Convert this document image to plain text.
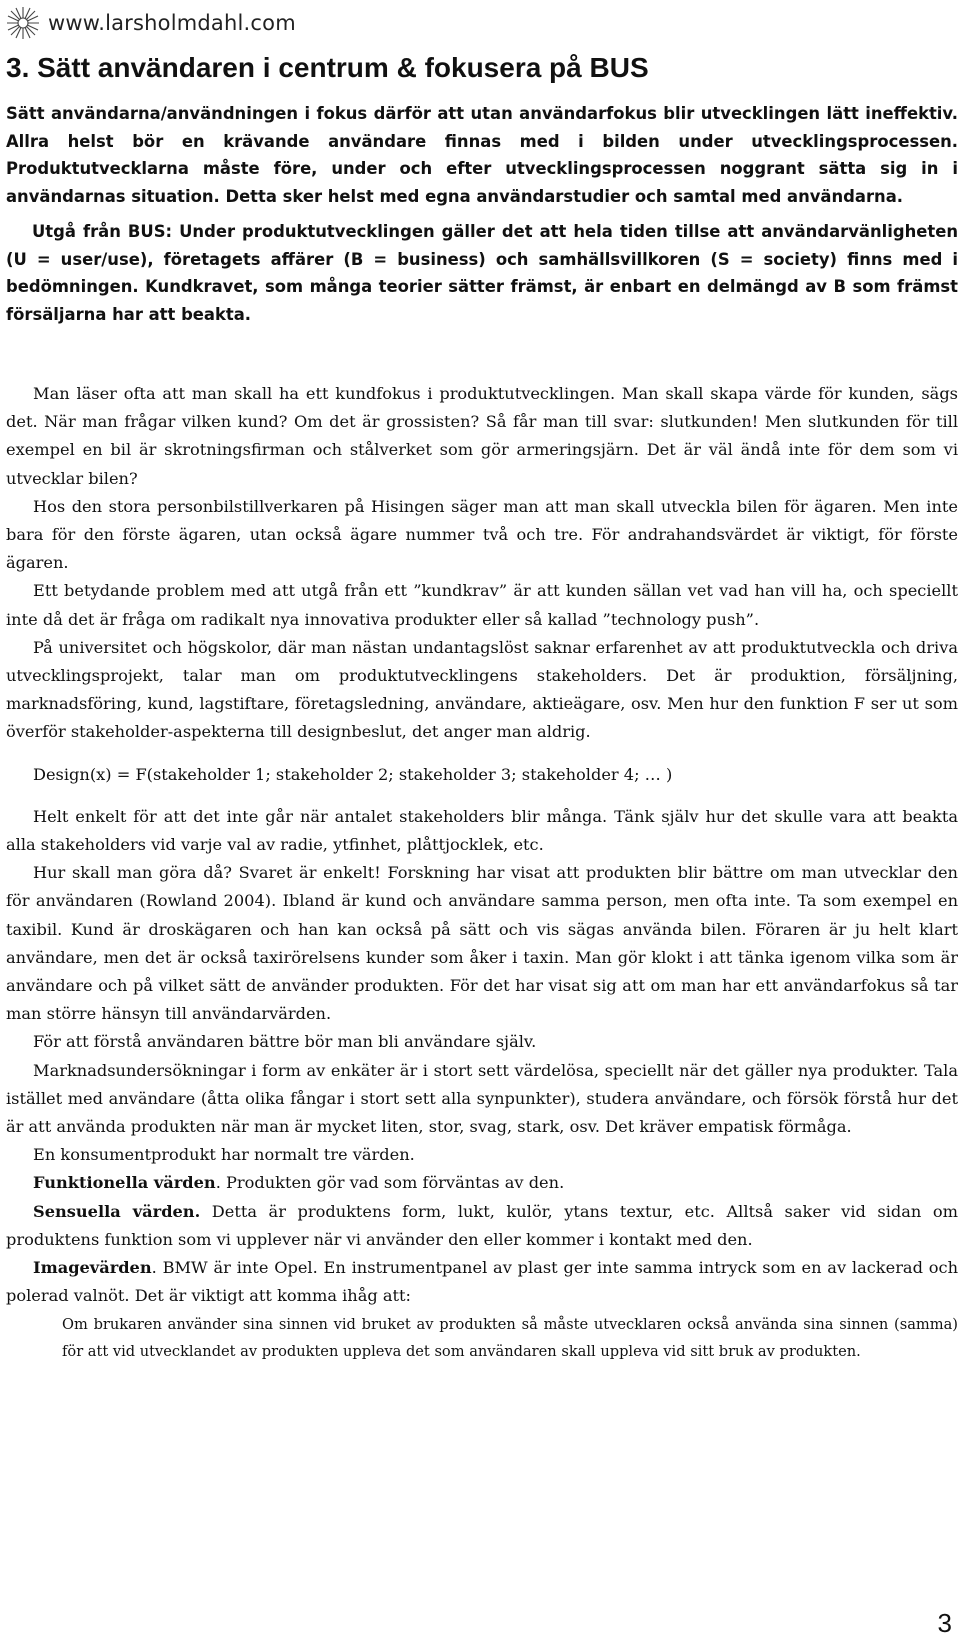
www.larsholmdahl.com
3. Sätt användaren i centrum & fokusera på BUS

Sätt användarna/användningen i fokus därför att utan användarfokus blir utvecklingen lätt ineffektiv. Allra helst bör en krävande användare finnas med i bilden under utvecklingsprocessen. Produktutvecklarna måste före, under och efter utvecklingsprocessen noggrant sätta sig in i användarnas situation. Detta sker helst med egna användarstudier och samtal med användarna.

Utgå från BUS: Under produktutvecklingen gäller det att hela tiden tillse att användarvänligheten (U = user/use), företagets affärer (B = business) och samhällsvillkoren (S = society) finns med i bedömningen. Kundkravet, som många teorier sätter främst, är enbart en delmängd av B som främst försäljarna har att beakta.

Man läser ofta att man skall ha ett kundfokus i produktutvecklingen. Man skall skapa värde för kunden, sägs det. När man frågar vilken kund? Om det är grossisten? Så får man till svar: slutkunden! Men slutkunden för till exempel en bil är skrotningsfirman och stålverket som gör armeringsjärn. Det är väl ändå inte för dem som vi utvecklar bilen?

Hos den stora personbilstillverkaren på Hisingen säger man att man skall utveckla bilen för ägaren. Men inte bara för den förste ägaren, utan också ägare nummer två och tre. För andrahandsvärdet är viktigt, för förste ägaren.

Ett betydande problem med att utgå från ett ”kundkrav” är att kunden sällan vet vad han vill ha, och speciellt inte då det är fråga om radikalt nya innovativa produkter eller så kallad ”technology push”.

På universitet och högskolor, där man nästan undantagslöst saknar erfarenhet av att produktutveckla och driva utvecklingsprojekt, talar man om produktutvecklingens stakeholders. Det är produktion, försäljning, marknadsföring, kund, lagstiftare, företagsledning, användare, aktieägare, osv. Men hur den funktion F ser ut som överför stakeholder-aspekterna till designbeslut, det anger man aldrig.

Design(x) = F(stakeholder 1; stakeholder 2; stakeholder 3; stakeholder 4; … )

Helt enkelt för att det inte går när antalet stakeholders blir många. Tänk själv hur det skulle vara att beakta alla stakeholders vid varje val av radie, ytfinhet, plåttjocklek, etc.

Hur skall man göra då? Svaret är enkelt! Forskning har visat att produkten blir bättre om man utvecklar den för användaren (Rowland 2004). Ibland är kund och användare samma person, men ofta inte. Ta som exempel en taxibil. Kund är droskägaren och han kan också på sätt och vis sägas använda bilen. Föraren är ju helt klart användare, men det är också taxirörelsens kunder som åker i taxin. Man gör klokt i att tänka igenom vilka som är användare och på vilket sätt de använder produkten. För det har visat sig att om man har ett användarfokus så tar man större hänsyn till användarvärden.

För att förstå användaren bättre bör man bli användare själv.

Marknadsundersökningar i form av enkäter är i stort sett värdelösa, speciellt när det gäller nya produkter. Tala istället med användare (åtta olika fångar i stort sett alla synpunkter), studera användare, och försök förstå hur det är att använda produkten när man är mycket liten, stor, svag, stark, osv. Det kräver empatisk förmåga.

En konsumentprodukt har normalt tre värden.

Funktionella värden. Produkten gör vad som förväntas av den.

Sensuella värden. Detta är produktens form, lukt, kulör, ytans textur, etc. Alltså saker vid sidan om produktens funktion som vi upplever när vi använder den eller kommer i kontakt med den.

Imagevärden. BMW är inte Opel. En instrumentpanel av plast ger inte samma intryck som en av lackerad och polerad valnöt. Det är viktigt att komma ihåg att:

Om brukaren använder sina sinnen vid bruket av produkten så måste utvecklaren också använda sina sinnen (samma) för att vid utvecklandet av produkten uppleva det som användaren skall uppleva vid sitt bruk av produkten.

3
